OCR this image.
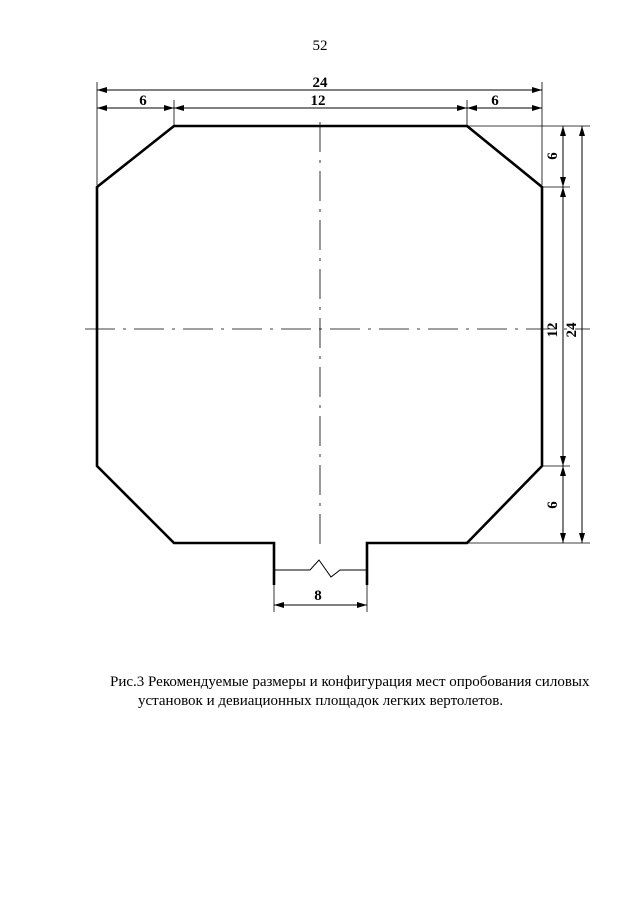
52
24
6	12	6
6
12
6
24
8
Рис.3 Рекомендуемые размеры и конфигурация мест опробования силовых
установок и девиационных площадок легких вертолетов.
